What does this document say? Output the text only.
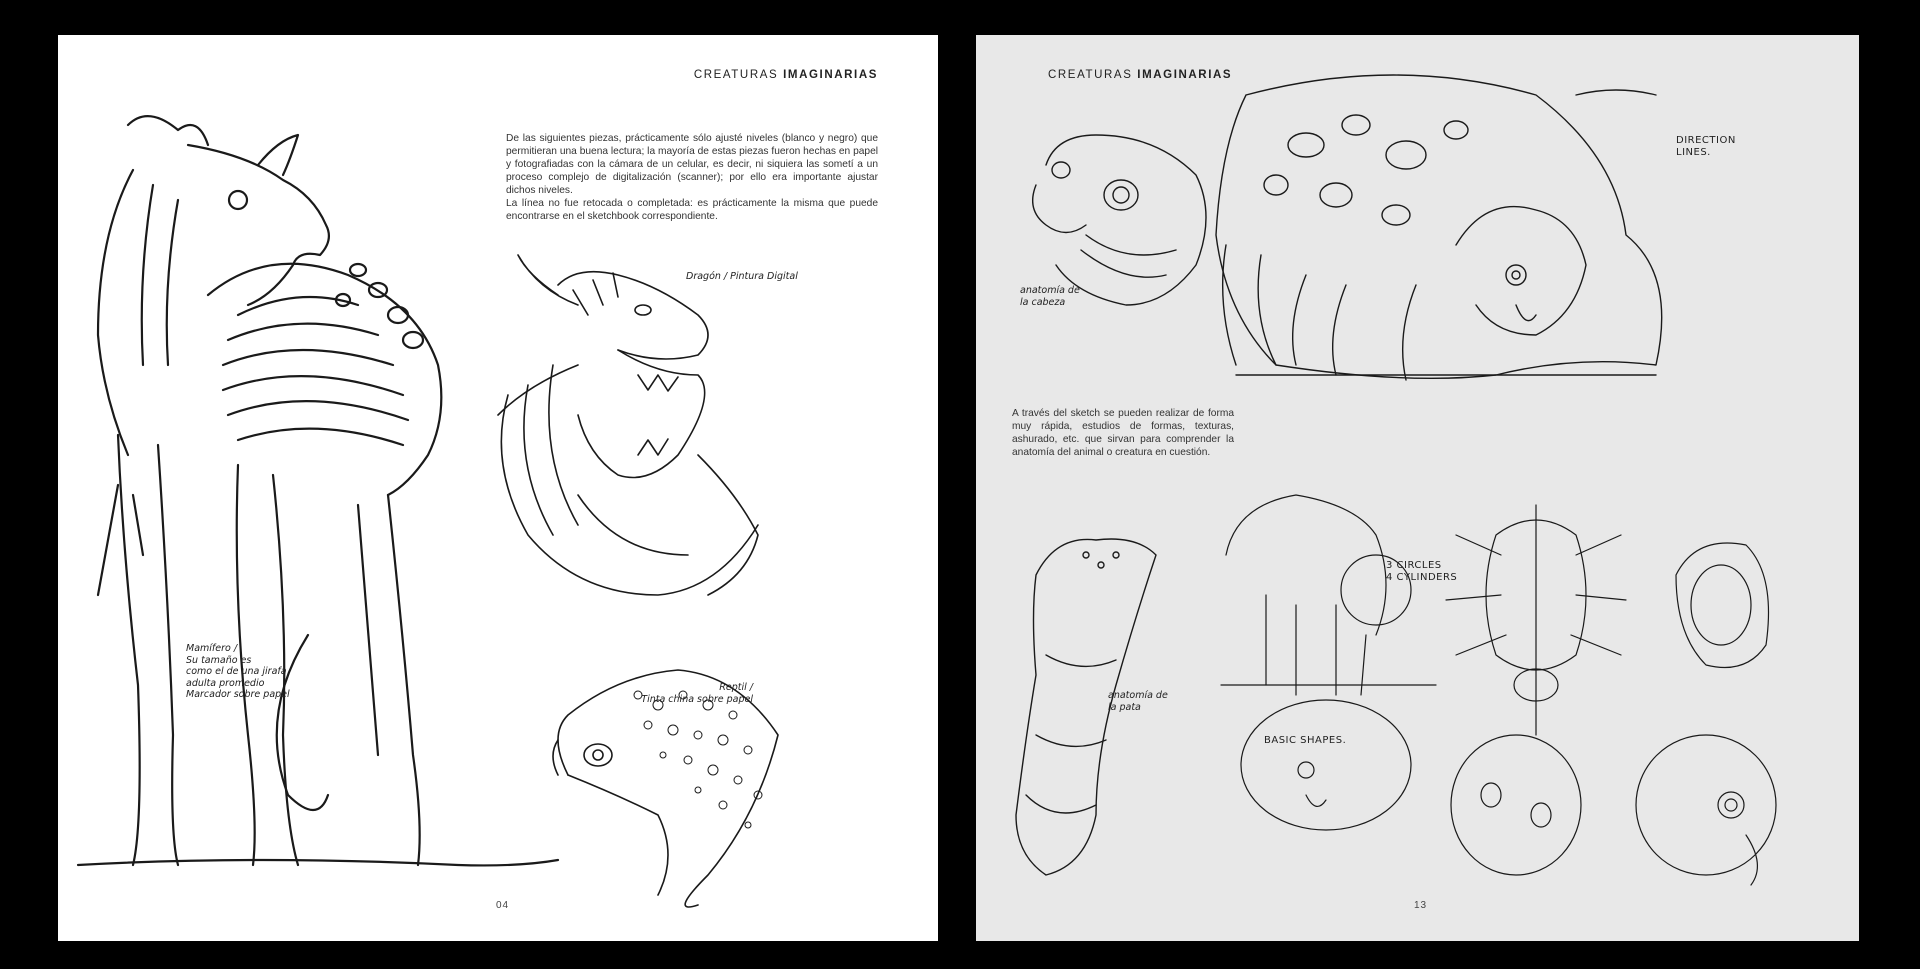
CREATURAS IMAGINARIAS

De las siguientes piezas, prácticamente sólo ajusté niveles (blanco y negro) que permitieran una buena lectura; la mayoría de estas piezas fueron hechas en papel y fotografiadas con la cámara de un celular, es decir, ni siquiera las sometí a un proceso complejo de digitalización (scanner); por ello era importante ajustar dichos niveles.

La línea no fue retocada o completada: es prácticamente la misma que puede encontrarse en el sketchbook correspondiente.

Mamífero /
Su tamaño es
como el de una jirafa
adulta promedio
Marcador sobre papel
Dragón / Pintura Digital
Reptil /
Tinta china sobre papel
04
CREATURAS IMAGINARIAS

A través del sketch se pueden realizar de forma muy rápida, estudios de formas, texturas, ashurado, etc. que sirvan para comprender la anatomía del animal o creatura en cuestión.

anatomía de
la cabeza
anatomía de
la pata
DIRECTION
LINES.
3 CIRCLES
4 CYLINDERS
BASIC SHAPES.
13
